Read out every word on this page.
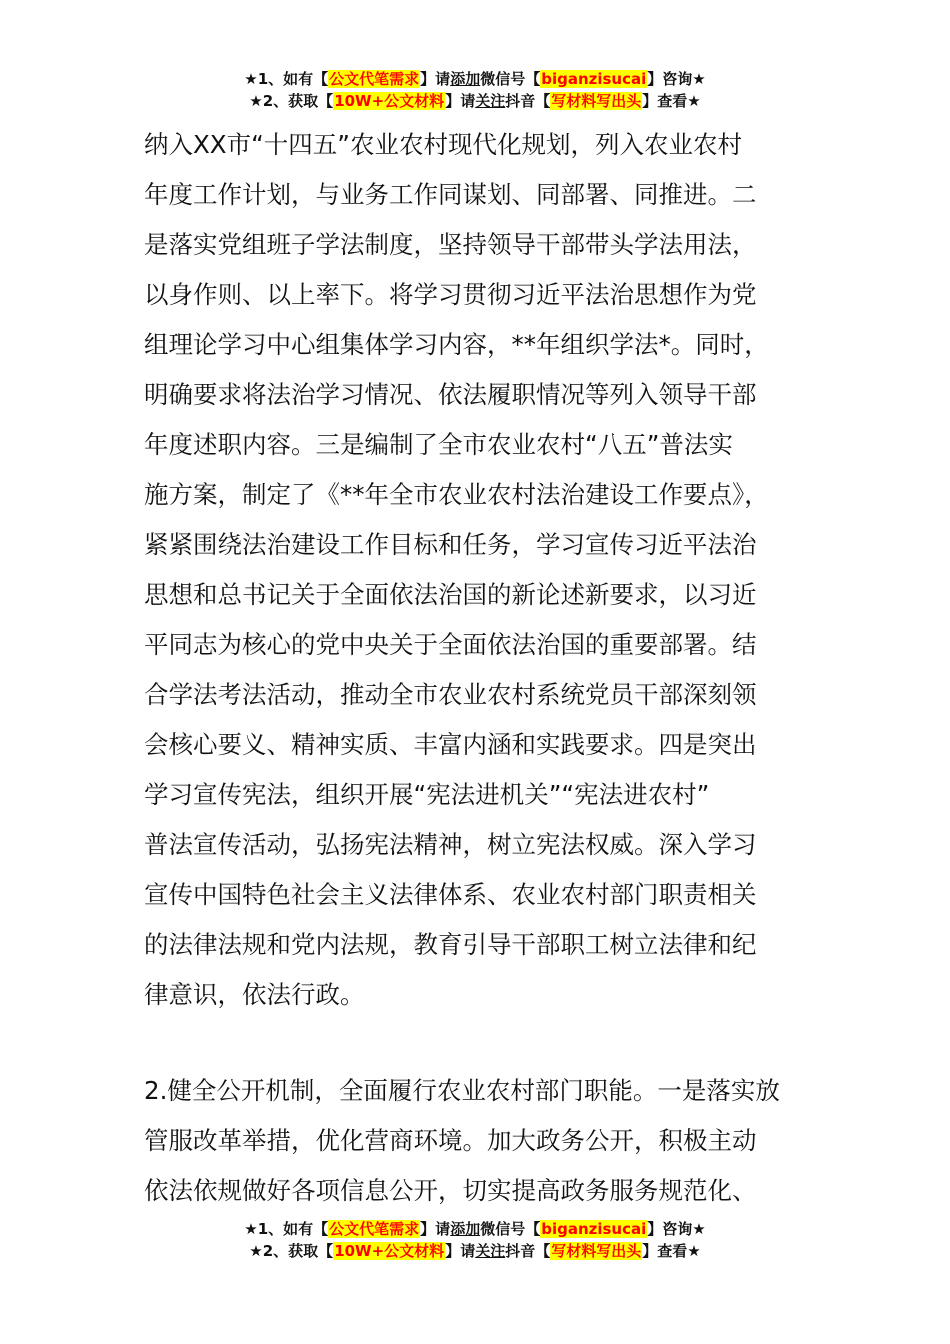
★1、如有【公文代笔需求】请添加微信号【biganzisucai】咨询★
★2、获取【10W+公文材料】请关注抖音【写材料写出头】查看★
纳入XX市“十四五”农业农村现代化规划，列入农业农村
年度工作计划，与业务工作同谋划、同部署、同推进。二
是落实党组班子学法制度，坚持领导干部带头学法用法，
以身作则、以上率下。将学习贯彻习近平法治思想作为党
组理论学习中心组集体学习内容，**年组织学法*。同时，
明确要求将法治学习情况、依法履职情况等列入领导干部
年度述职内容。三是编制了全市农业农村“八五”普法实
施方案，制定了《**年全市农业农村法治建设工作要点》，
紧紧围绕法治建设工作目标和任务，学习宣传习近平法治
思想和总书记关于全面依法治国的新论述新要求，以习近
平同志为核心的党中央关于全面依法治国的重要部署。结
合学法考法活动，推动全市农业农村系统党员干部深刻领
会核心要义、精神实质、丰富内涵和实践要求。四是突出
学习宣传宪法，组织开展“宪法进机关”“宪法进农村”
普法宣传活动，弘扬宪法精神，树立宪法权威。深入学习
宣传中国特色社会主义法律体系、农业农村部门职责相关
的法律法规和党内法规，教育引导干部职工树立法律和纪
律意识，依法行政。
2.健全公开机制，全面履行农业农村部门职能。一是落实放
管服改革举措，优化营商环境。加大政务公开，积极主动
依法依规做好各项信息公开，切实提高政务服务规范化、
★1、如有【公文代笔需求】请添加微信号【biganzisucai】咨询★
★2、获取【10W+公文材料】请关注抖音【写材料写出头】查看★
